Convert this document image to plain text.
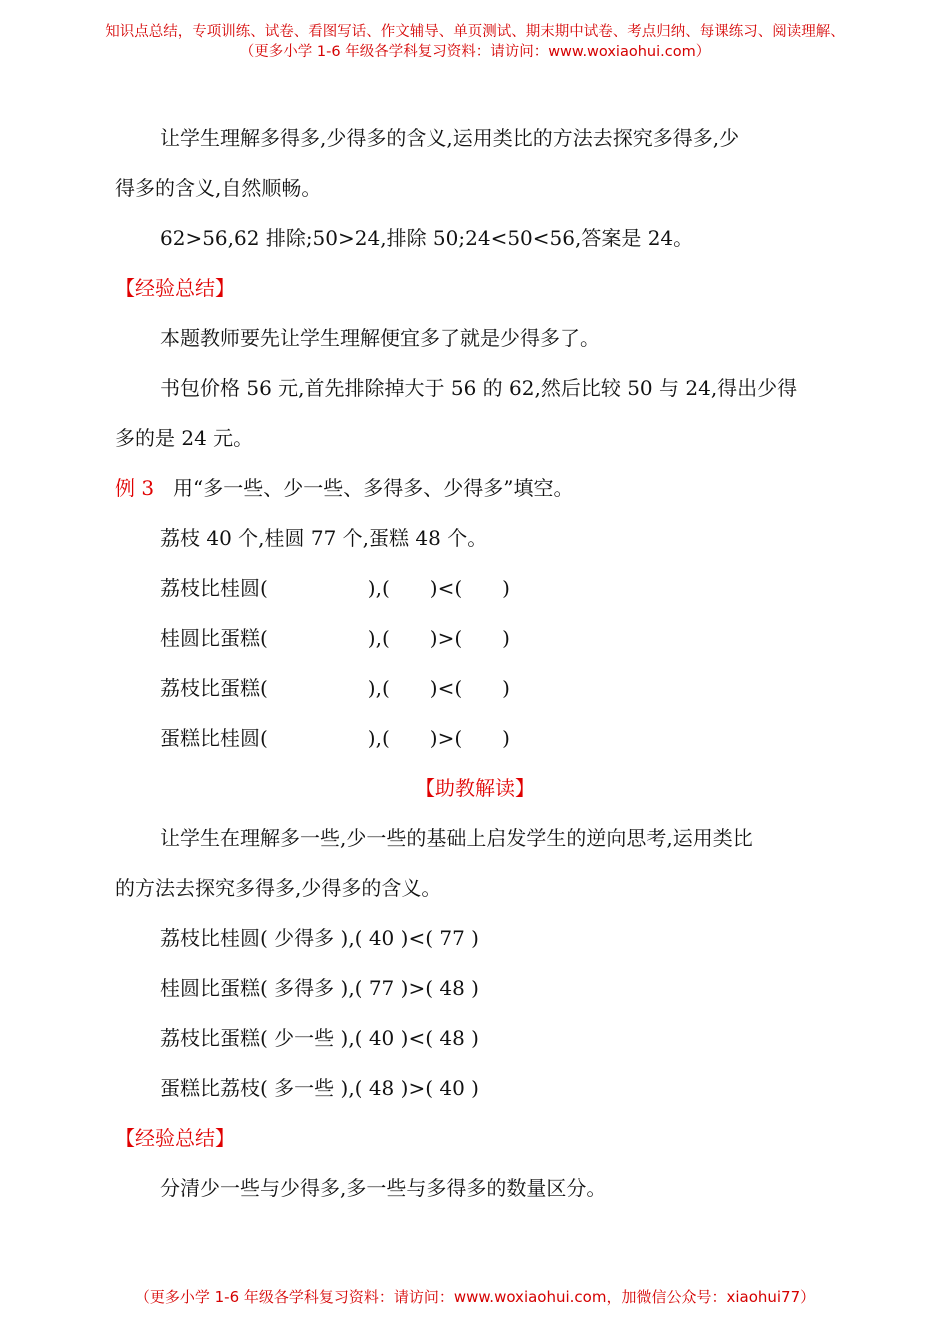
知识点总结，专项训练、试卷、看图写话、作文辅导、单页测试、期末期中试卷、考点归纳、每课练习、阅读理解、
（更多小学 1-6 年级各学科复习资料：请访问：www.woxiaohui.com）
让学生理解多得多,少得多的含义,运用类比的方法去探究多得多,少
得多的含义,自然顺畅。
62>56,62 排除;50>24,排除 50;24<50<56,答案是 24。
【经验总结】
本题教师要先让学生理解便宜多了就是少得多了。
书包价格 56 元,首先排除掉大于 56 的 62,然后比较 50 与 24,得出少得
多的是 24 元。
例 3 用“多一些、少一些、多得多、少得多”填空。
荔枝 40 个,桂圆 77 个,蛋糕 48 个。
荔枝比桂圆(　　　　　),(　　)<(　　)
桂圆比蛋糕(　　　　　),(　　)>(　　)
荔枝比蛋糕(　　　　　),(　　)<(　　)
蛋糕比桂圆(　　　　　),(　　)>(　　)
【助教解读】
让学生在理解多一些,少一些的基础上启发学生的逆向思考,运用类比
的方法去探究多得多,少得多的含义。
荔枝比桂圆( 少得多 ),( 40 )<( 77 )
桂圆比蛋糕( 多得多 ),( 77 )>( 48 )
荔枝比蛋糕( 少一些 ),( 40 )<( 48 )
蛋糕比荔枝( 多一些 ),( 48 )>( 40 )
【经验总结】
分清少一些与少得多,多一些与多得多的数量区分。
（更多小学 1-6 年级各学科复习资料：请访问：www.woxiaohui.com，加微信公众号：xiaohui77）
